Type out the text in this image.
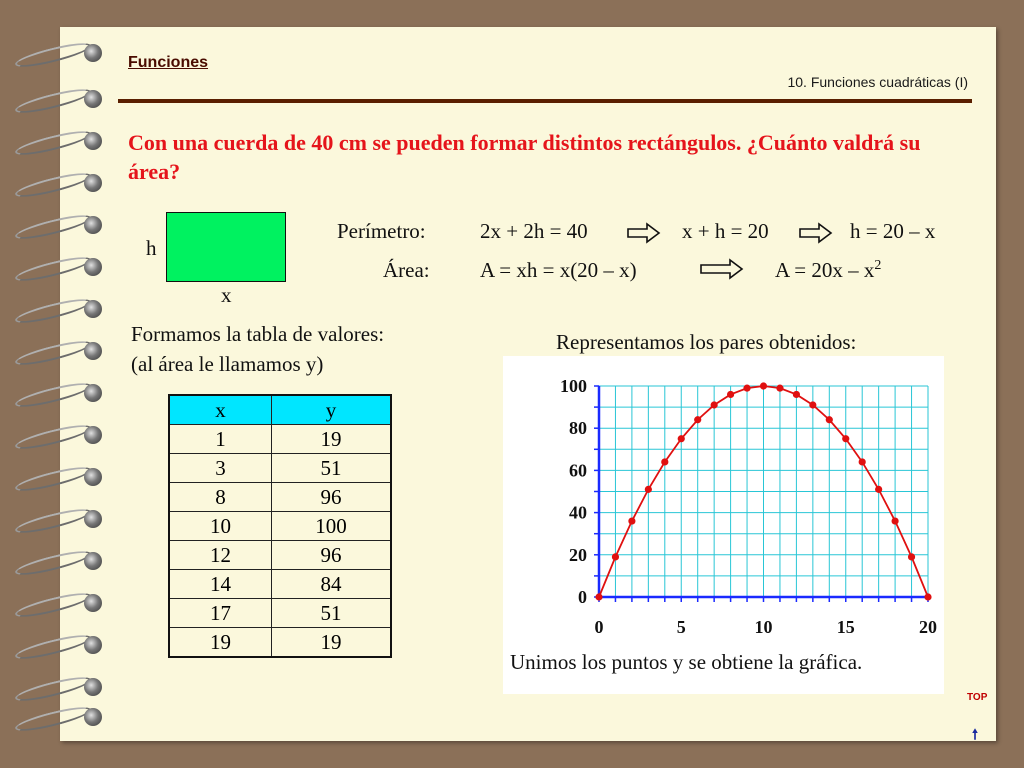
Funciones
10. Funciones cuadráticas (I)
Con una cuerda de 40 cm se pueden formar distintos rectángulos. ¿Cuánto valdrá su área?
h
x
Perímetro:	2x + 2h = 40	x + h = 20	h = 20 – x
Área: A = xh = x(20 – x)	$A = 20x - x^2$
Formamos la tabla de valores:
(al área le llamamos y)
x	y
1	19
3	51
8	96
10	100
12	96
14	84
17	51
19	19
Representamos los pares obtenidos:
0	5	10	15	20
0
20
40
60
80
100
Unimos los puntos y se obtiene la gráfica.
TOP
🠕
